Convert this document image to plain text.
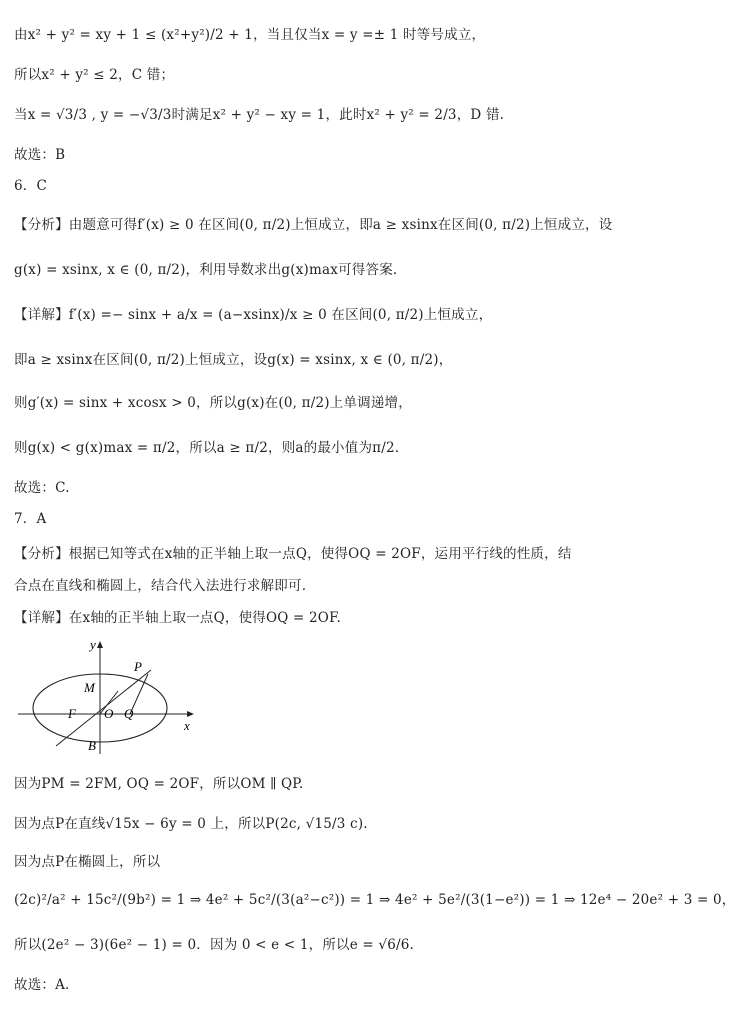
由x² + y² = xy + 1 ≤ (x²+y²)/2 + 1，当且仅当x = y =± 1 时等号成立，
所以x² + y² ≤ 2，C 错；
当x = √3/3 , y = −√3/3时满足x² + y² − xy = 1，此时x² + y² = 2/3，D 错.
故选：B
6．C
【分析】由题意可得f′(x) ≥ 0 在区间(0, π/2)上恒成立，即a ≥ xsinx在区间(0, π/2)上恒成立，设
g(x) = xsinx, x ∈ (0, π/2)，利用导数求出g(x)max可得答案.
【详解】f′(x) =− sinx + a/x = (a−xsinx)/x ≥ 0 在区间(0, π/2)上恒成立，
即a ≥ xsinx在区间(0, π/2)上恒成立，设g(x) = xsinx, x ∈ (0, π/2)，
则g′(x) = sinx + xcosx > 0，所以g(x)在(0, π/2)上单调递增，
则g(x) < g(x)max = π/2，所以a ≥ π/2，则a的最小值为π/2.
故选：C.
7．A
【分析】根据已知等式在x轴的正半轴上取一点Q，使得OQ = 2OF，运用平行线的性质，结
合点在直线和椭圆上，结合代入法进行求解即可.
【详解】在x轴的正半轴上取一点Q，使得OQ = 2OF.
因为PM = 2FM, OQ = 2OF，所以OM ∥ QP.
因为点P在直线√15x − 6y = 0 上，所以P(2c, √15/3 c).
因为点P在椭圆上，所以
(2c)²/a² + 15c²/(9b²) = 1 ⇒ 4e² + 5c²/(3(a²−c²)) = 1 ⇒ 4e² + 5e²/(3(1−e²)) = 1 ⇒ 12e⁴ − 20e² + 3 = 0，
所以(2e² − 3)(6e² − 1) = 0．因为 0 < e < 1，所以e = √6/6.
故选：A.
y
x
P
M
F O Q
B
